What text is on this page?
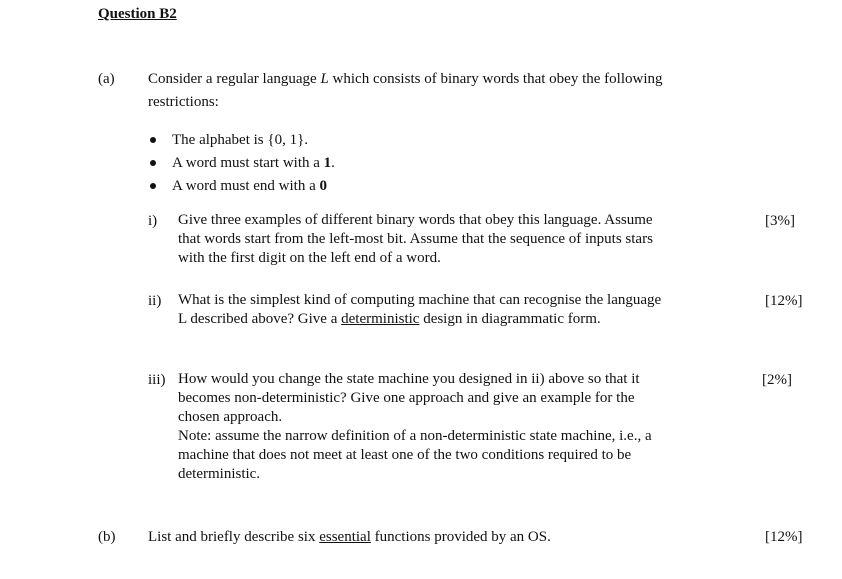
Question B2
(a) Consider a regular language L which consists of binary words that obey the following
restrictions:
The alphabet is {0, 1}.
A word must start with a 1.
A word must end with a 0
i) Give three examples of different binary words that obey this language. Assume
that words start from the left-most bit. Assume that the sequence of inputs stars
with the first digit on the left end of a word.
[3%]
ii) What is the simplest kind of computing machine that can recognise the language
L described above? Give a deterministic design in diagrammatic form.
[12%]
iii) How would you change the state machine you designed in ii) above so that it
becomes non-deterministic? Give one approach and give an example for the
chosen approach.
Note: assume the narrow definition of a non-deterministic state machine, i.e., a
machine that does not meet at least one of the two conditions required to be
deterministic.
[2%]
(b) List and briefly describe six essential functions provided by an OS.	[12%]
